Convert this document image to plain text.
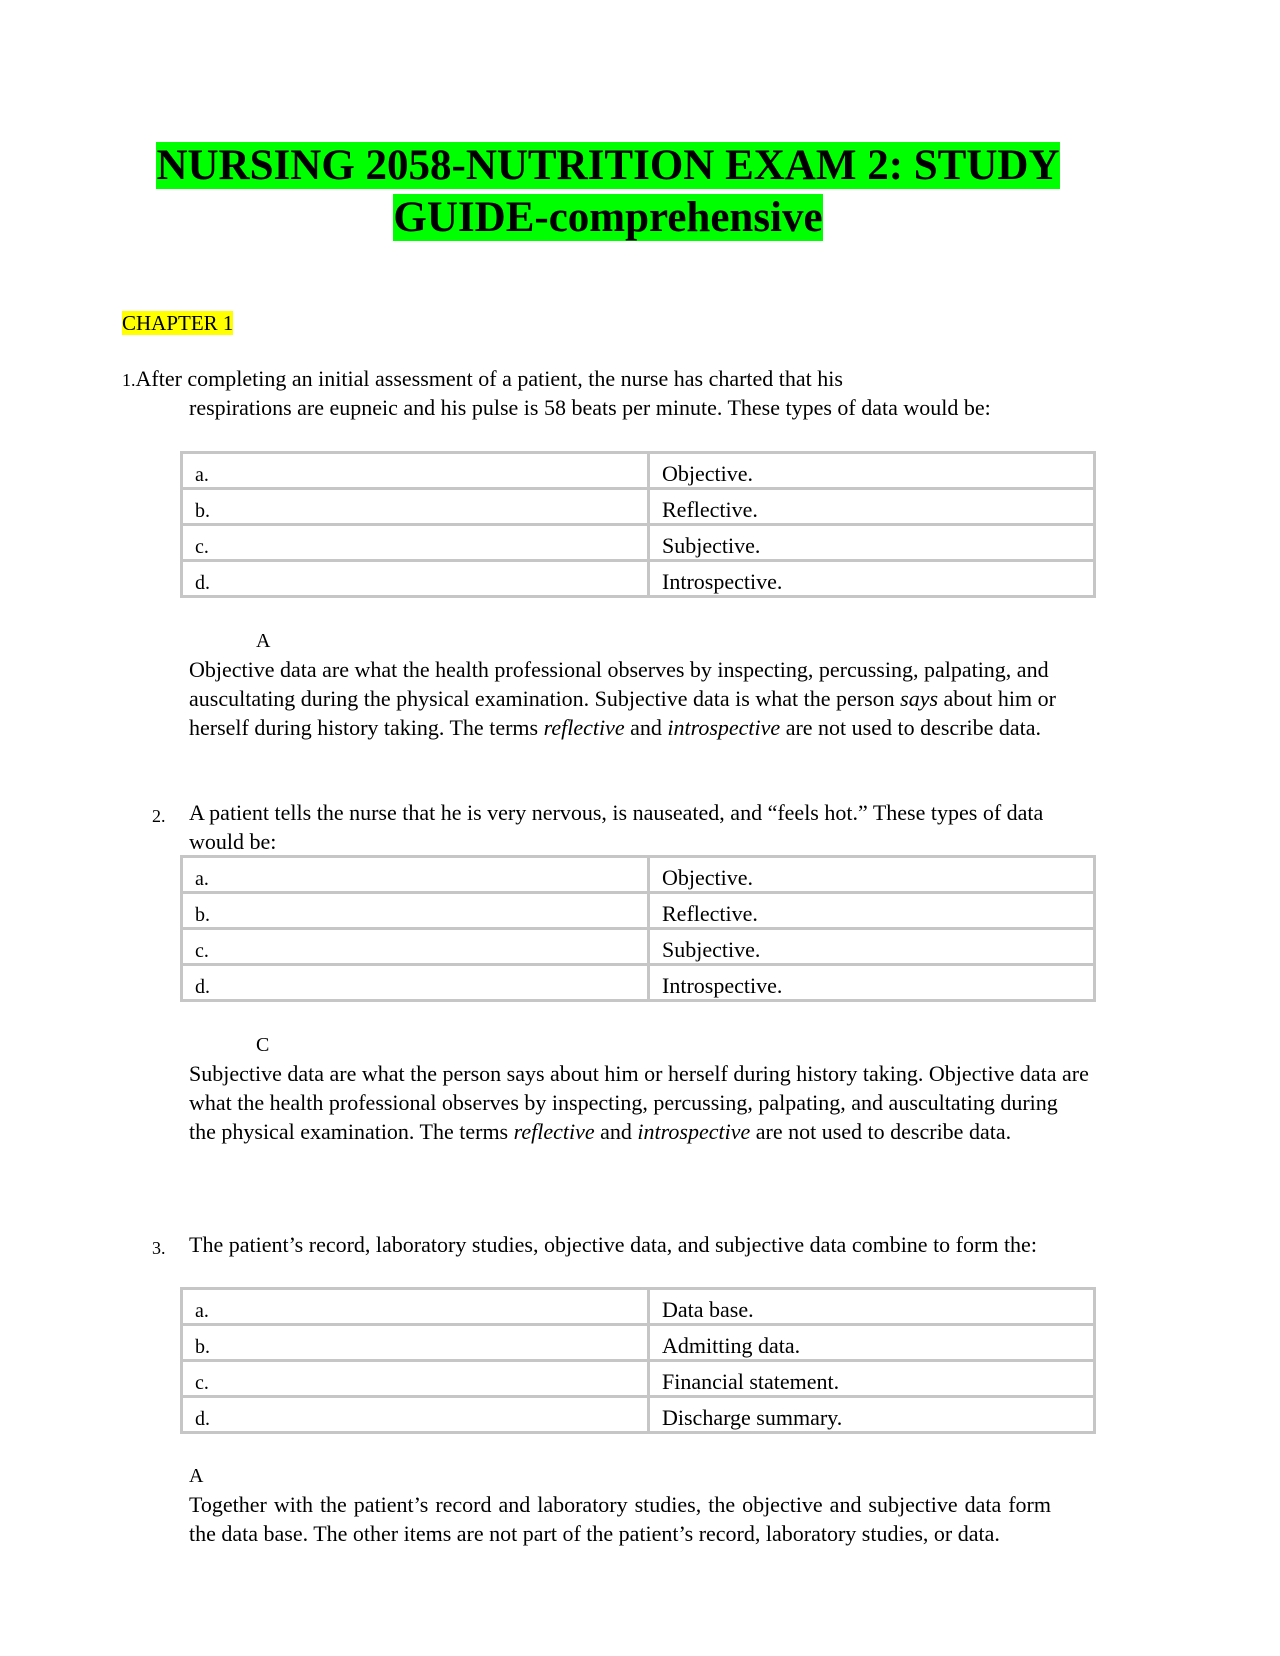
NURSING 2058-NUTRITION EXAM 2: STUDY
GUIDE-comprehensive
CHAPTER 1
1.After completing an initial assessment of a patient, the nurse has charted that his
respirations are eupneic and his pulse is 58 beats per minute. These types of data would be:
a.	Objective.
b.	Reflective.
c.	Subjective.
d.	Introspective.
A
Objective data are what the health professional observes by inspecting, percussing, palpating, and auscultating during the physical examination. Subjective data is what the person says about him or herself during history taking. The terms reflective and introspective are not used to describe data.
2. A patient tells the nurse that he is very nervous, is nauseated, and “feels hot.” These types of data would be:
a.	Objective.
b.	Reflective.
c.	Subjective.
d.	Introspective.
C
Subjective data are what the person says about him or herself during history taking. Objective data are what the health professional observes by inspecting, percussing, palpating, and auscultating during the physical examination. The terms reflective and introspective are not used to describe data.
3. The patient’s record, laboratory studies, objective data, and subjective data combine to form the:
a.	Data base.
b.	Admitting data.
c.	Financial statement.
d.	Discharge summary.
A
Together with the patient’s record and laboratory studies, the objective and subjective data form the data base. The other items are not part of the patient’s record, laboratory studies, or data.
